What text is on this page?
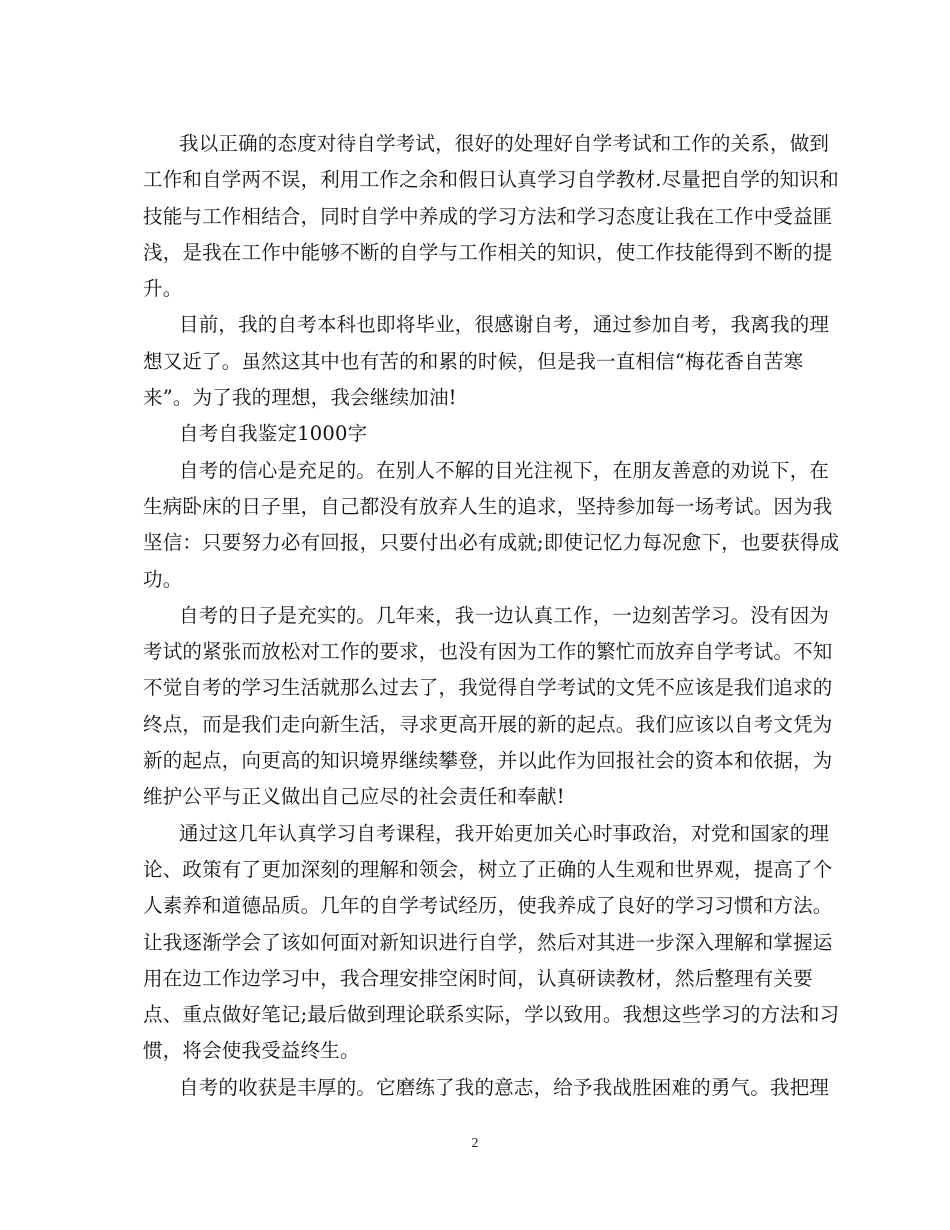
我以正确的态度对待自学考试，很好的处理好自学考试和工作的关系，做到
工作和自学两不误，利用工作之余和假日认真学习自学教材.尽量把自学的知识和
技能与工作相结合，同时自学中养成的学习方法和学习态度让我在工作中受益匪
浅，是我在工作中能够不断的自学与工作相关的知识，使工作技能得到不断的提
升。
目前，我的自考本科也即将毕业，很感谢自考，通过参加自考，我离我的理
想又近了。虽然这其中也有苦的和累的时候，但是我一直相信“梅花香自苦寒
来”。为了我的理想，我会继续加油!
自考自我鉴定1000字
自考的信心是充足的。在别人不解的目光注视下，在朋友善意的劝说下，在
生病卧床的日子里，自己都没有放弃人生的追求，坚持参加每一场考试。因为我
坚信：只要努力必有回报，只要付出必有成就;即使记忆力每况愈下，也要获得成
功。
自考的日子是充实的。几年来，我一边认真工作，一边刻苦学习。没有因为
考试的紧张而放松对工作的要求，也没有因为工作的繁忙而放弃自学考试。不知
不觉自考的学习生活就那么过去了，我觉得自学考试的文凭不应该是我们追求的
终点，而是我们走向新生活，寻求更高开展的新的起点。我们应该以自考文凭为
新的起点，向更高的知识境界继续攀登，并以此作为回报社会的资本和依据，为
维护公平与正义做出自己应尽的社会责任和奉献!
通过这几年认真学习自考课程，我开始更加关心时事政治，对党和国家的理
论、政策有了更加深刻的理解和领会，树立了正确的人生观和世界观，提高了个
人素养和道德品质。几年的自学考试经历，使我养成了良好的学习习惯和方法。
让我逐渐学会了该如何面对新知识进行自学，然后对其进一步深入理解和掌握运
用在边工作边学习中，我合理安排空闲时间，认真研读教材，然后整理有关要
点、重点做好笔记;最后做到理论联系实际，学以致用。我想这些学习的方法和习
惯，将会使我受益终生。
自考的收获是丰厚的。它磨练了我的意志，给予我战胜困难的勇气。我把理
2
